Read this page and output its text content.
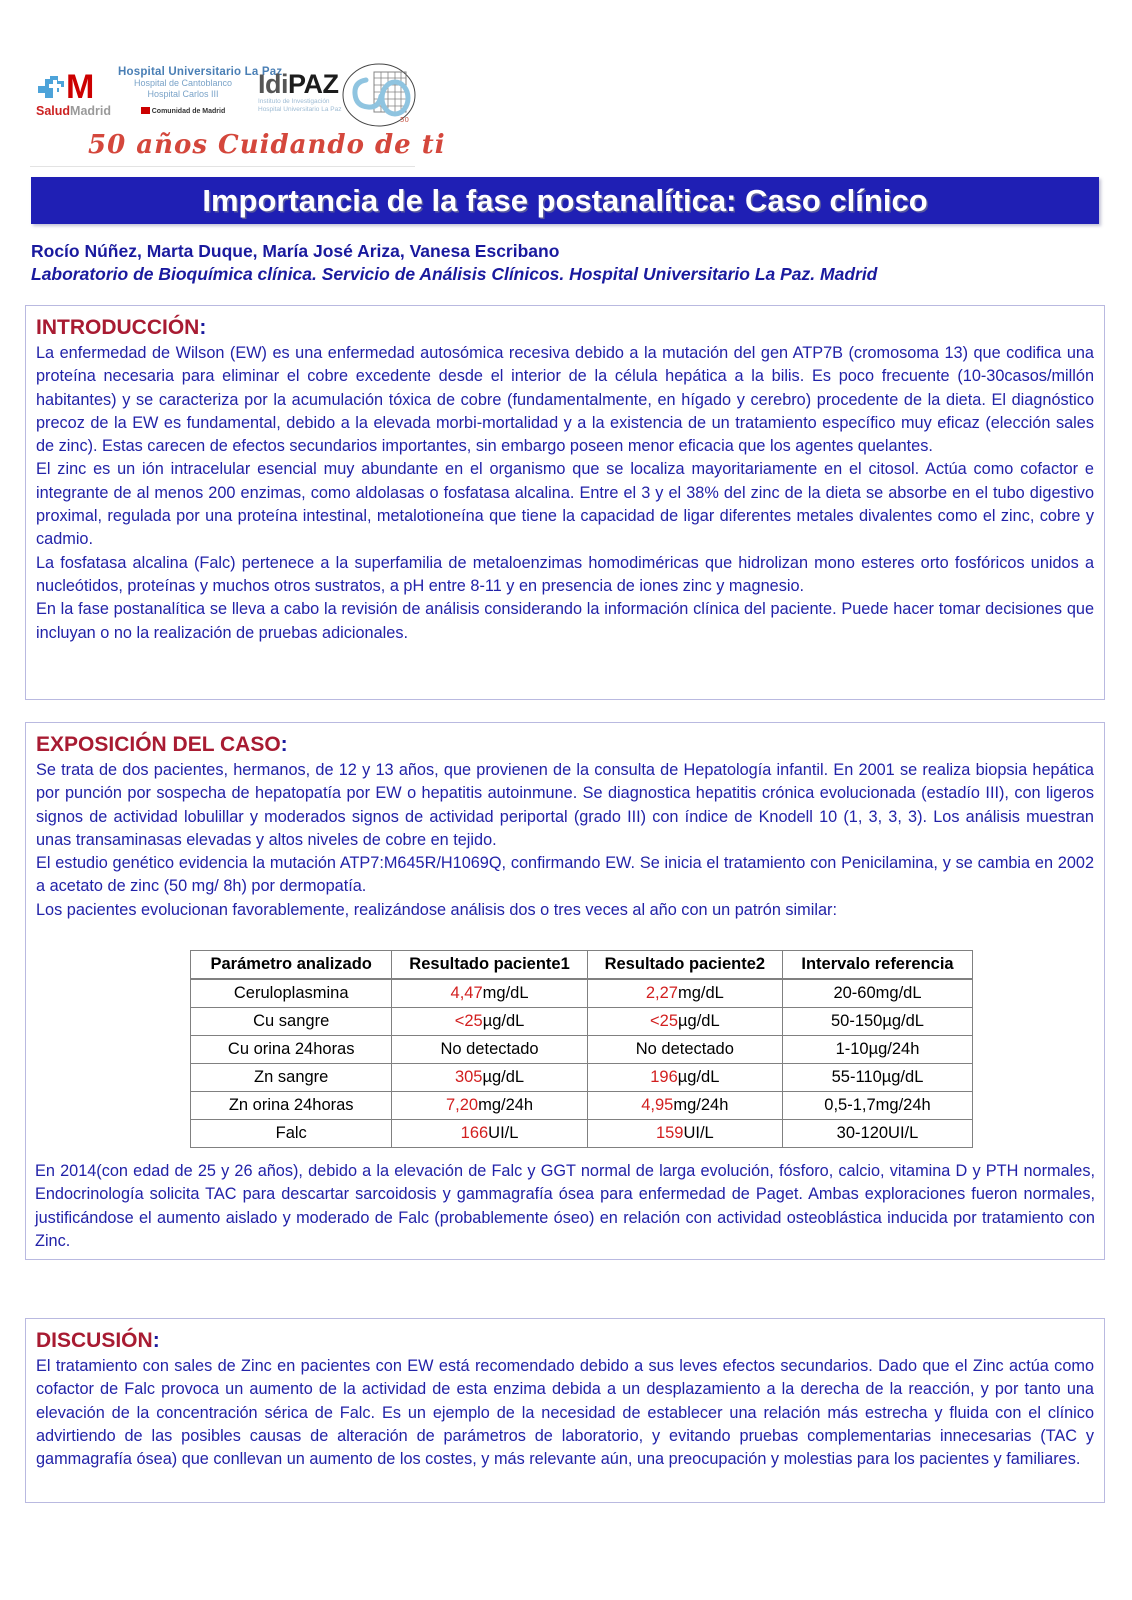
M
SaludMadrid
Hospital Universitario La Paz
Hospital de Cantoblanco
Hospital Carlos III
Comunidad de Madrid
IdiPAZ
Instituto de Investigación
Hospital Universitario La Paz
50
50 años Cuidando de ti
Importancia de la fase postanalítica: Caso clínico
Rocío Núñez, Marta Duque, María José Ariza, Vanesa Escribano
Laboratorio de Bioquímica clínica. Servicio de Análisis Clínicos. Hospital Universitario La Paz. Madrid
INTRODUCCIÓN:

La enfermedad de Wilson (EW) es una enfermedad autosómica recesiva debido a la mutación del gen ATP7B (cromosoma 13) que codifica una proteína necesaria para eliminar el cobre excedente desde el interior de la célula hepática a la bilis. Es poco frecuente (10-30casos/millón habitantes) y se caracteriza por la acumulación tóxica de cobre (fundamentalmente, en hígado y cerebro) procedente de la dieta. El diagnóstico precoz de la EW es fundamental, debido a la elevada morbi-mortalidad y a la existencia de un tratamiento específico muy eficaz (elección sales de zinc). Estas carecen de efectos secundarios importantes, sin embargo poseen menor eficacia que los agentes quelantes.

El zinc es un ión intracelular esencial muy abundante en el organismo que se localiza mayoritariamente en el citosol. Actúa como cofactor e integrante de al menos 200 enzimas, como aldolasas o fosfatasa alcalina. Entre el 3 y el 38% del zinc de la dieta se absorbe en el tubo digestivo proximal, regulada por una proteína intestinal, metalotioneína que tiene la capacidad de ligar diferentes metales divalentes como el zinc, cobre y cadmio.

La fosfatasa alcalina (Falc) pertenece a la superfamilia de metaloenzimas homodiméricas que hidrolizan mono esteres orto fosfóricos unidos a nucleótidos, proteínas y muchos otros sustratos, a pH entre 8-11 y en presencia de iones zinc y magnesio.

En la fase postanalítica se lleva a cabo la revisión de análisis considerando la información clínica del paciente. Puede hacer tomar decisiones que incluyan o no la realización de pruebas adicionales.

EXPOSICIÓN DEL CASO:

Se trata de dos pacientes, hermanos, de 12 y 13 años, que provienen de la consulta de Hepatología infantil. En 2001 se realiza biopsia hepática por punción por sospecha de hepatopatía por EW o hepatitis autoinmune. Se diagnostica hepatitis crónica evolucionada (estadío III), con ligeros signos de actividad lobulillar y moderados signos de actividad periportal (grado III) con índice de Knodell 10 (1, 3, 3, 3). Los análisis muestran unas transaminasas elevadas y altos niveles de cobre en tejido.

El estudio genético evidencia la mutación ATP7:M645R/H1069Q, confirmando EW. Se inicia el tratamiento con Penicilamina, y se cambia en 2002 a acetato de zinc (50 mg/ 8h) por dermopatía.

Los pacientes evolucionan favorablemente, realizándose análisis dos o tres veces al año con un patrón similar:

Parámetro analizado	Resultado paciente1	Resultado paciente2	Intervalo referencia
Ceruloplasmina	4,47mg/dL	2,27mg/dL	20-60mg/dL
Cu sangre	<25µg/dL	<25µg/dL	50-150µg/dL
Cu orina 24horas	No detectado	No detectado	1-10µg/24h
Zn sangre	305µg/dL	196µg/dL	55-110µg/dL
Zn orina 24horas	7,20mg/24h	4,95mg/24h	0,5-1,7mg/24h
Falc	166UI/L	159UI/L	30-120UI/L

En 2014(con edad de 25 y 26 años), debido a la elevación de Falc y GGT normal de larga evolución, fósforo, calcio, vitamina D y PTH normales, Endocrinología solicita TAC para descartar sarcoidosis y gammagrafía ósea para enfermedad de Paget. Ambas exploraciones fueron normales, justificándose el aumento aislado y moderado de Falc (probablemente óseo) en relación con actividad osteoblástica inducida por tratamiento con Zinc.

DISCUSIÓN:

El tratamiento con sales de Zinc en pacientes con EW está recomendado debido a sus leves efectos secundarios. Dado que el Zinc actúa como cofactor de Falc provoca un aumento de la actividad de esta enzima debida a un desplazamiento a la derecha de la reacción, y por tanto una elevación de la concentración sérica de Falc. Es un ejemplo de la necesidad de establecer una relación más estrecha y fluida con el clínico advirtiendo de las posibles causas de alteración de parámetros de laboratorio, y evitando pruebas complementarias innecesarias (TAC y gammagrafía ósea) que conllevan un aumento de los costes, y más relevante aún, una preocupación y molestias para los pacientes y familiares.
